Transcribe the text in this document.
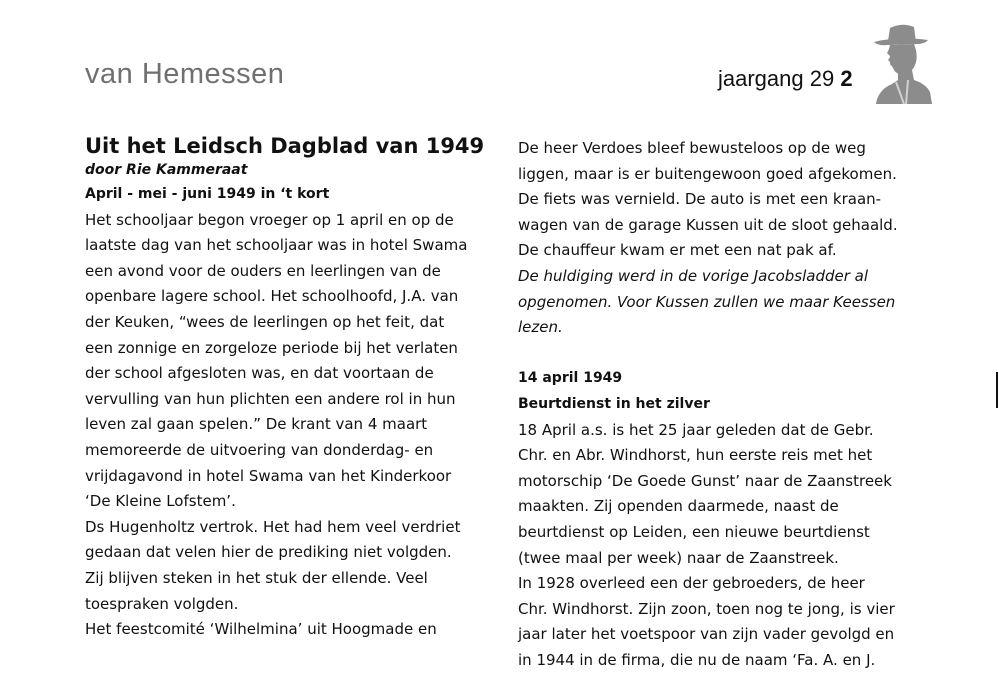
van Hemessen	jaargang 29 2
Uit het Leidsch Dagblad van 1949

door Rie Kammeraat

April - mei - juni 1949 in ‘t kort

Het schooljaar begon vroeger op 1 april en op de

laatste dag van het schooljaar was in hotel Swama

een avond voor de ouders en leerlingen van de

openbare lagere school. Het schoolhoofd, J.A. van

der Keuken, “wees de leerlingen op het feit, dat

een zonnige en zorgeloze periode bij het verlaten

der school afgesloten was, en dat voortaan de

vervulling van hun plichten een andere rol in hun

leven zal gaan spelen.” De krant van 4 maart

memoreerde de uitvoering van donderdag- en

vrijdagavond in hotel Swama van het Kinderkoor

‘De Kleine Lofstem’.

Ds Hugenholtz vertrok. Het had hem veel verdriet

gedaan dat velen hier de prediking niet volgden.

Zij blijven steken in het stuk der ellende. Veel

toespraken volgden.

Het feestcomité ‘Wilhelmina’ uit Hoogmade en

De heer Verdoes bleef bewusteloos op de weg

liggen, maar is er buitengewoon goed afgekomen.

De fiets was vernield. De auto is met een kraan-

wagen van de garage Kussen uit de sloot gehaald.

De chauffeur kwam er met een nat pak af.

De huldiging werd in de vorige Jacobsladder al

opgenomen. Voor Kussen zullen we maar Keessen

lezen.

14 april 1949

Beurtdienst in het zilver

18 April a.s. is het 25 jaar geleden dat de Gebr.

Chr. en Abr. Windhorst, hun eerste reis met het

motorschip ‘De Goede Gunst’ naar de Zaanstreek

maakten. Zij openden daarmede, naast de

beurtdienst op Leiden, een nieuwe beurtdienst

(twee maal per week) naar de Zaanstreek.

In 1928 overleed een der gebroeders, de heer

Chr. Windhorst. Zijn zoon, toen nog te jong, is vier

jaar later het voetspoor van zijn vader gevolgd en

in 1944 in de firma, die nu de naam ‘Fa. A. en J.
